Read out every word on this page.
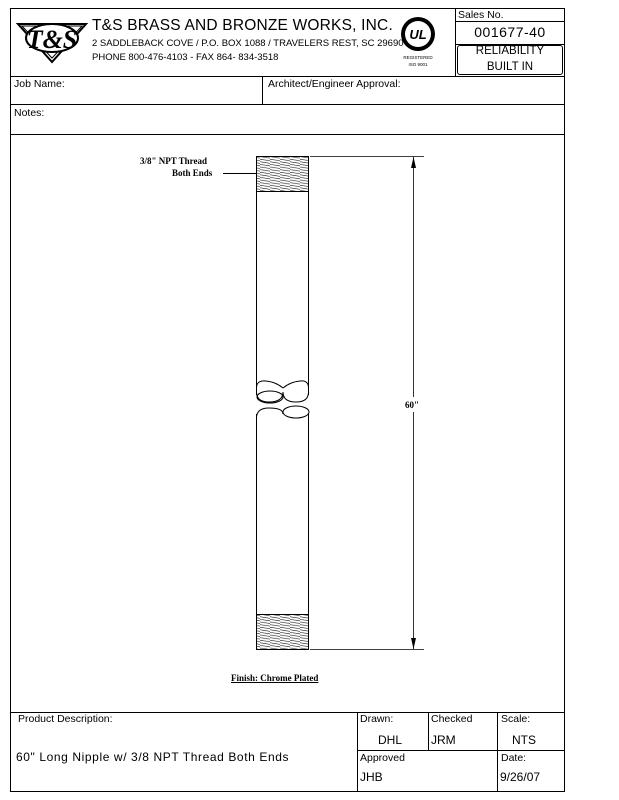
T&S T&S BRASS AND BRONZE WORKS, INC.
2 SADDLEBACK COVE / P.O. BOX 1088 / TRAVELERS REST, SC 29690
PHONE 800-476-4103 - FAX 864- 834-3518
UL
REGISTERED
ISO 9001
Sales No.
001677-40
RELIABILITY
BUILT IN
Job Name:	Architect/Engineer Approval:
Notes:
3/8" NPT Thread
Both Ends
60"
Finish: Chrome Plated
Product Description:
60" Long Nipple w/ 3/8 NPT Thread Both Ends
Drawn:
DHL
Checked
JRM
Scale:
NTS
Approved
JHB
Date:
9/26/07
